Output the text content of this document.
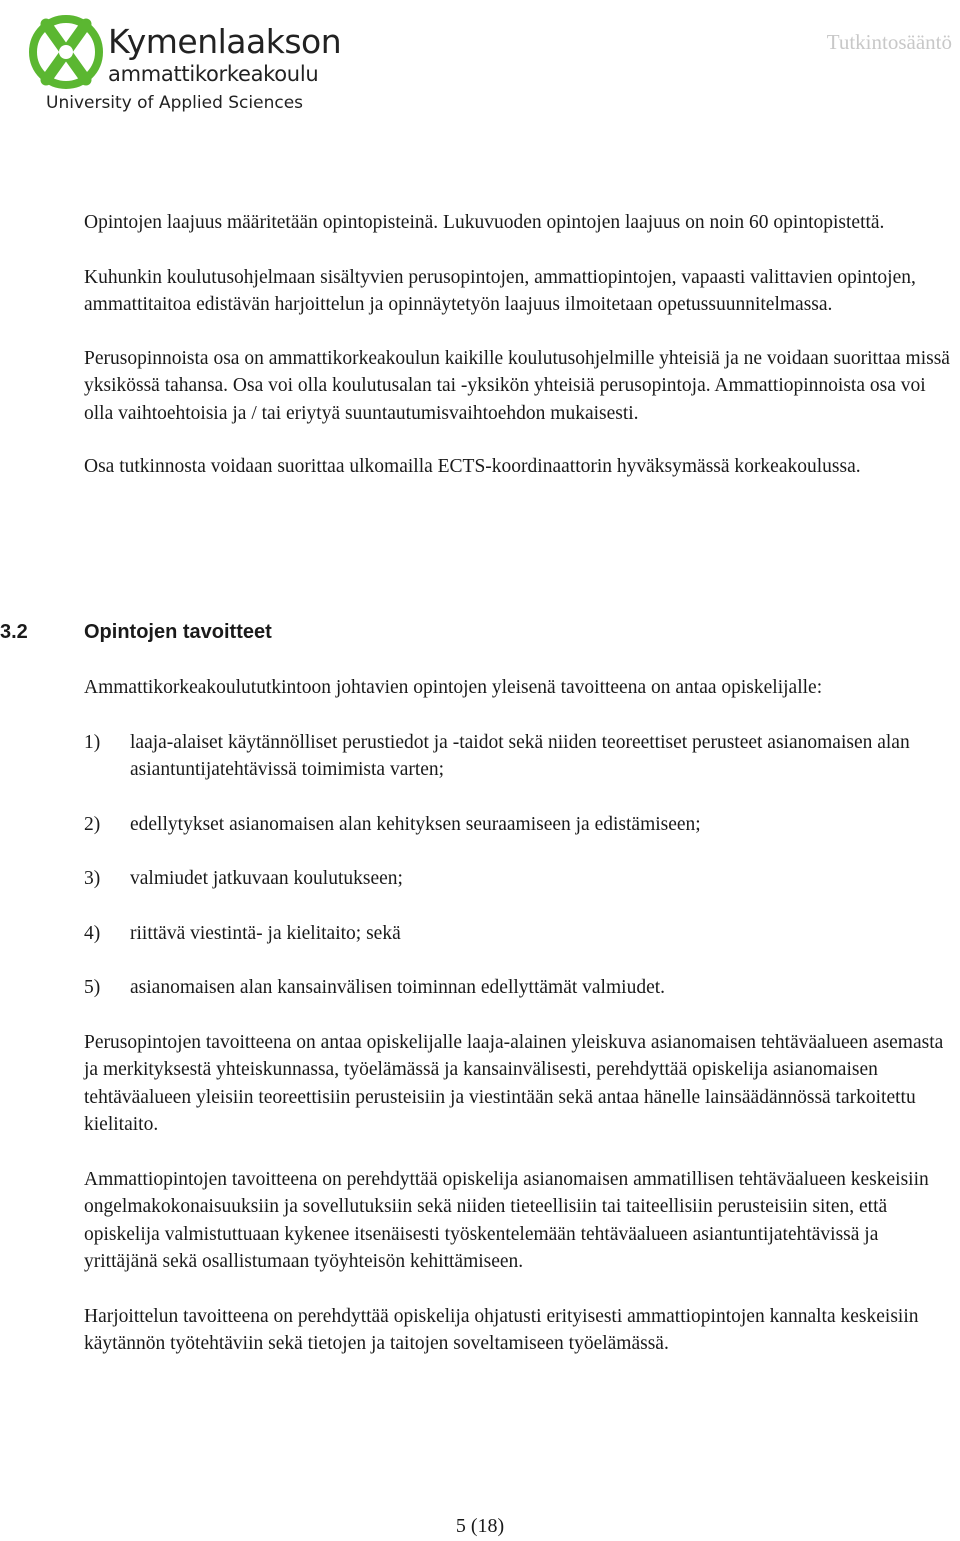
Kymenlaakson
ammattikorkeakoulu
University of Applied Sciences
Tutkintosääntö

Opintojen laajuus määritetään opintopisteinä. Lukuvuoden opintojen laajuus on noin 60 opintopistettä.

Kuhunkin koulutusohjelmaan sisältyvien perusopintojen, ammattiopintojen, vapaasti valittavien opintojen, ammattitaitoa edistävän harjoittelun ja opinnäytetyön laajuus ilmoitetaan opetussuunnitelmassa.

Perusopinnoista osa on ammattikorkeakoulun kaikille koulutusohjelmille yhteisiä ja ne voidaan suorittaa missä yksikössä tahansa. Osa voi olla koulutusalan tai -yksikön yhteisiä perusopintoja. Ammattiopinnoista osa voi olla vaihtoehtoisia ja / tai eriytyä suuntautumisvaihtoehdon mukaisesti.

Osa tutkinnosta voidaan suorittaa ulkomailla ECTS-koordinaattorin hyväksymässä korkeakoulussa.

3.2	Opintojen tavoitteet

Ammattikorkeakoulututkintoon johtavien opintojen yleisenä tavoitteena on antaa opiskelijalle:

1) laaja-alaiset käytännölliset perustiedot ja -taidot sekä niiden teoreettiset perusteet asianomaisen alan asiantuntijatehtävissä toimimista varten;
2) edellytykset asianomaisen alan kehityksen seuraamiseen ja edistämiseen;
3) valmiudet jatkuvaan koulutukseen;
4) riittävä viestintä- ja kielitaito; sekä
5) asianomaisen alan kansainvälisen toiminnan edellyttämät valmiudet.

Perusopintojen tavoitteena on antaa opiskelijalle laaja-alainen yleiskuva asianomaisen tehtäväalueen asemasta ja merkityksestä yhteiskunnassa, työelämässä ja kansainvälisesti, perehdyttää opiskelija asianomaisen tehtäväalueen yleisiin teoreettisiin perusteisiin ja viestintään sekä antaa hänelle lainsäädännössä tarkoitettu kielitaito.

Ammattiopintojen tavoitteena on perehdyttää opiskelija asianomaisen ammatillisen tehtäväalueen keskeisiin ongelmakokonaisuuksiin ja sovellutuksiin sekä niiden tieteellisiin tai taiteellisiin perusteisiin siten, että opiskelija valmistuttuaan kykenee itsenäisesti työskentelemään tehtäväalueen asiantuntijatehtävissä ja yrittäjänä sekä osallistumaan työyhteisön kehittämiseen.

Harjoittelun tavoitteena on perehdyttää opiskelija ohjatusti erityisesti ammattiopintojen kannalta keskeisiin käytännön työtehtäviin sekä tietojen ja taitojen soveltamiseen työelämässä.

5 (18)
